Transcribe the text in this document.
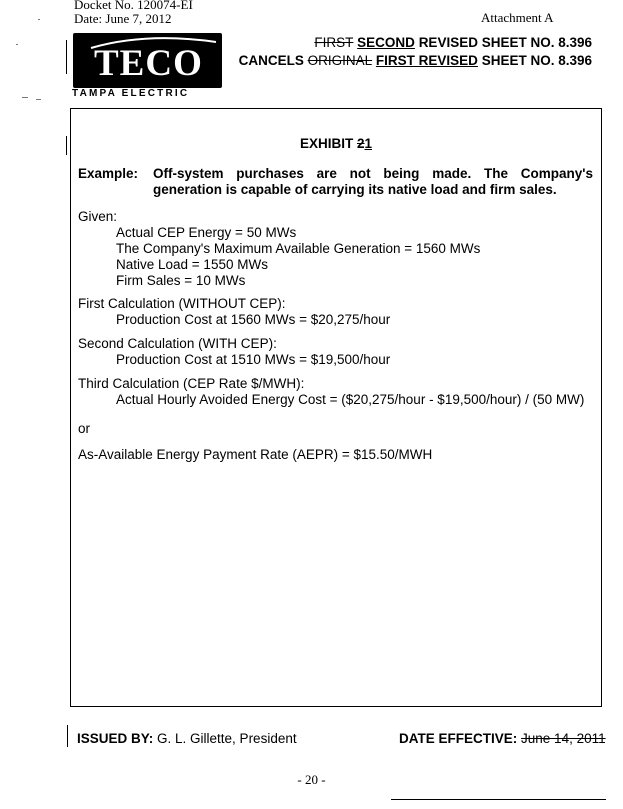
Docket No. 120074-EI
Date: June 7, 2012	Attachment A
TECO
TAMPA ELECTRIC
FIRST SECOND REVISED SHEET NO. 8.396
CANCELS ORIGINAL FIRST REVISED SHEET NO. 8.396
EXHIBIT 21
Example: Off-system purchases are not being made. The Company's generation is capable of carrying its native load and firm sales.
Given:
Actual CEP Energy = 50 MWs
The Company's Maximum Available Generation = 1560 MWs
Native Load = 1550 MWs
Firm Sales = 10 MWs
First Calculation (WITHOUT CEP):
Production Cost at 1560 MWs = $20,275/hour
Second Calculation (WITH CEP):
Production Cost at 1510 MWs = $19,500/hour
Third Calculation (CEP Rate $/MWH):
Actual Hourly Avoided Energy Cost = ($20,275/hour - $19,500/hour) / (50 MW)
or
As-Available Energy Payment Rate (AEPR) = $15.50/MWH
ISSUED BY: G. L. Gillette, President	DATE EFFECTIVE: June 14, 2011
- 20 -
